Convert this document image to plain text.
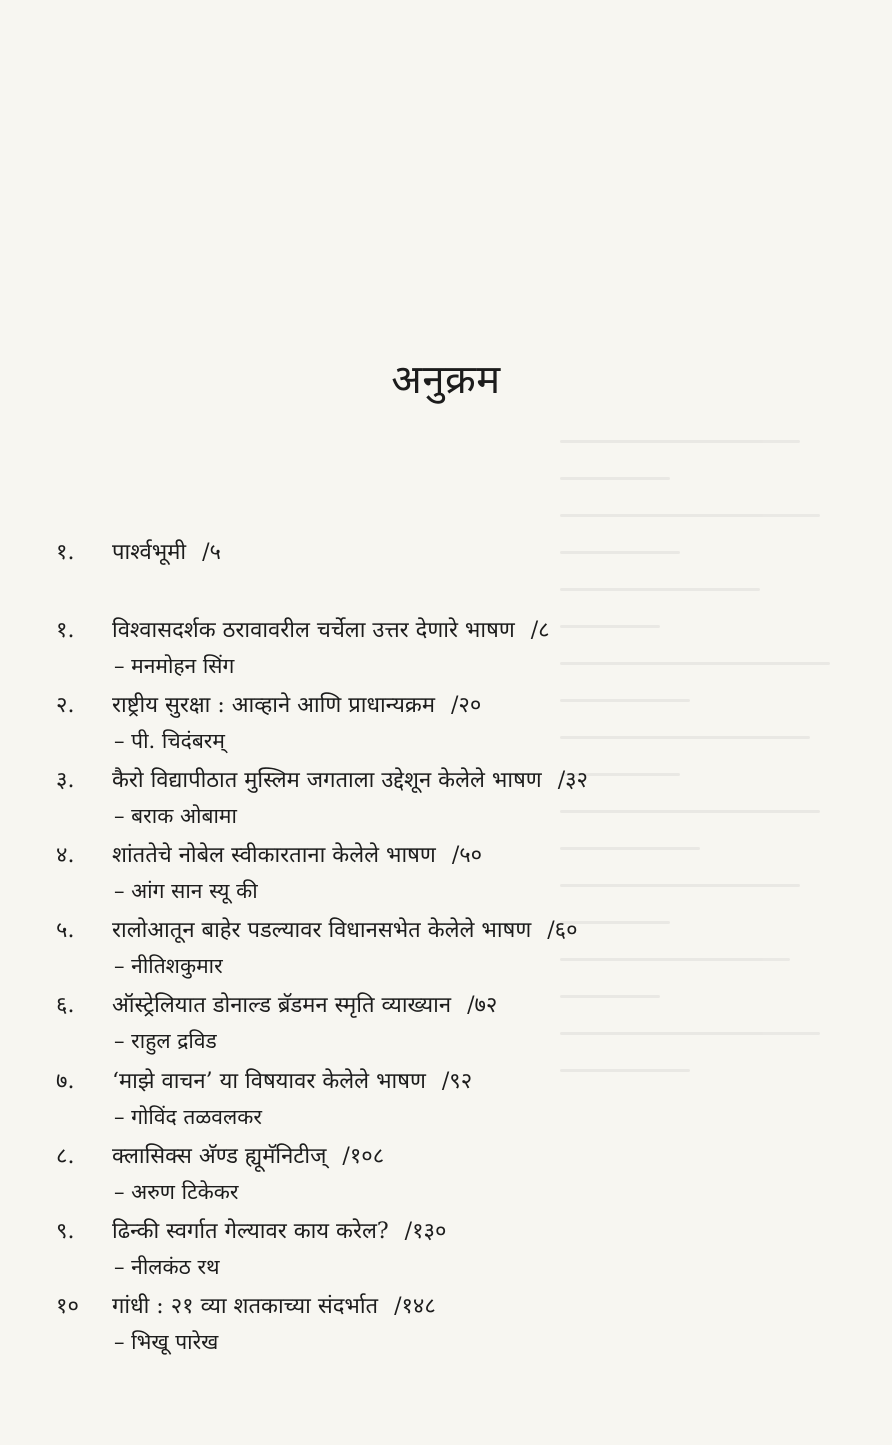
अनुक्रम
१.	पार्श्वभूमी /५
१.	विश्वासदर्शक ठरावावरील चर्चेला उत्तर देणारे भाषण /८
– मनमोहन सिंग
२.	राष्ट्रीय सुरक्षा : आव्हाने आणि प्राधान्यक्रम /२०
– पी. चिदंबरम्
३.	कैरो विद्यापीठात मुस्लिम जगताला उद्देशून केलेले भाषण /३२
– बराक ओबामा
४.	शांततेचे नोबेल स्वीकारताना केलेले भाषण /५०
– आंग सान स्यू की
५.	रालोआतून बाहेर पडल्यावर विधानसभेत केलेले भाषण /६०
– नीतिशकुमार
६.	ऑस्ट्रेलियात डोनाल्ड ब्रॅडमन स्मृति व्याख्यान /७२
– राहुल द्रविड
७.	‘माझे वाचन’ या विषयावर केलेले भाषण /९२
– गोविंद तळवलकर
८.	क्लासिक्स अ‍ॅण्ड ह्यूमॅनिटीज् /१०८
– अरुण टिकेकर
९.	ढिन्की स्वर्गात गेल्यावर काय करेल? /१३०
– नीलकंठ रथ
१०	गांधी : २१ व्या शतकाच्या संदर्भात /१४८
– भिखू पारेख
